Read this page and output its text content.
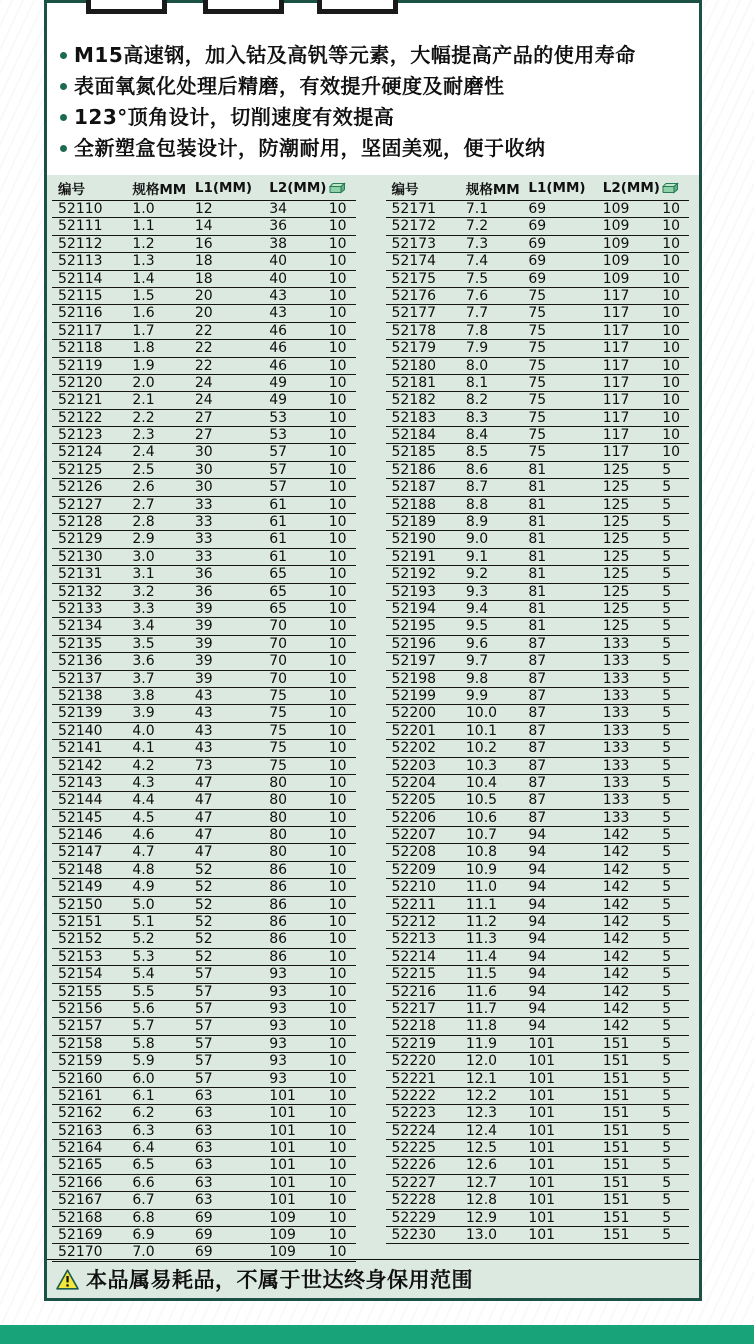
M15高速钢，加入钴及高钒等元素，大幅提高产品的使用寿命
表面氧氮化处理后精磨，有效提升硬度及耐磨性
123°顶角设计，切削速度有效提高
全新塑盒包装设计，防潮耐用，坚固美观，便于收纳
编号	规格MM L1(MM)	L2(MM)
52110	1.0	12	34	10
52111	1.1	14	36	10
52112	1.2	16	38	10
52113	1.3	18	40	10
52114	1.4	18	40	10
52115	1.5	20	43	10
52116	1.6	20	43	10
52117	1.7	22	46	10
52118	1.8	22	46	10
52119	1.9	22	46	10
52120	2.0	24	49	10
52121	2.1	24	49	10
52122	2.2	27	53	10
52123	2.3	27	53	10
52124	2.4	30	57	10
52125	2.5	30	57	10
52126	2.6	30	57	10
52127	2.7	33	61	10
52128	2.8	33	61	10
52129	2.9	33	61	10
52130	3.0	33	61	10
52131	3.1	36	65	10
52132	3.2	36	65	10
52133	3.3	39	65	10
52134	3.4	39	70	10
52135	3.5	39	70	10
52136	3.6	39	70	10
52137	3.7	39	70	10
52138	3.8	43	75	10
52139	3.9	43	75	10
52140	4.0	43	75	10
52141	4.1	43	75	10
52142	4.2	73	75	10
52143	4.3	47	80	10
52144	4.4	47	80	10
52145	4.5	47	80	10
52146	4.6	47	80	10
52147	4.7	47	80	10
52148	4.8	52	86	10
52149	4.9	52	86	10
52150	5.0	52	86	10
52151	5.1	52	86	10
52152	5.2	52	86	10
52153	5.3	52	86	10
52154	5.4	57	93	10
52155	5.5	57	93	10
52156	5.6	57	93	10
52157	5.7	57	93	10
52158	5.8	57	93	10
52159	5.9	57	93	10
52160	6.0	57	93	10
52161	6.1	63	101	10
52162	6.2	63	101	10
52163	6.3	63	101	10
52164	6.4	63	101	10
52165	6.5	63	101	10
52166	6.6	63	101	10
52167	6.7	63	101	10
52168	6.8	69	109	10
52169	6.9	69	109	10
52170	7.0	69	109	10
编号	规格MM L1(MM)	L2(MM)
52171	7.1	69	109	10
52172	7.2	69	109	10
52173	7.3	69	109	10
52174	7.4	69	109	10
52175	7.5	69	109	10
52176	7.6	75	117	10
52177	7.7	75	117	10
52178	7.8	75	117	10
52179	7.9	75	117	10
52180	8.0	75	117	10
52181	8.1	75	117	10
52182	8.2	75	117	10
52183	8.3	75	117	10
52184	8.4	75	117	10
52185	8.5	75	117	10
52186	8.6	81	125	5
52187	8.7	81	125	5
52188	8.8	81	125	5
52189	8.9	81	125	5
52190	9.0	81	125	5
52191	9.1	81	125	5
52192	9.2	81	125	5
52193	9.3	81	125	5
52194	9.4	81	125	5
52195	9.5	81	125	5
52196	9.6	87	133	5
52197	9.7	87	133	5
52198	9.8	87	133	5
52199	9.9	87	133	5
52200	10.0	87	133	5
52201	10.1	87	133	5
52202	10.2	87	133	5
52203	10.3	87	133	5
52204	10.4	87	133	5
52205	10.5	87	133	5
52206	10.6	87	133	5
52207	10.7	94	142	5
52208	10.8	94	142	5
52209	10.9	94	142	5
52210	11.0	94	142	5
52211	11.1	94	142	5
52212	11.2	94	142	5
52213	11.3	94	142	5
52214	11.4	94	142	5
52215	11.5	94	142	5
52216	11.6	94	142	5
52217	11.7	94	142	5
52218	11.8	94	142	5
52219	11.9	101	151	5
52220	12.0	101	151	5
52221	12.1	101	151	5
52222	12.2	101	151	5
52223	12.3	101	151	5
52224	12.4	101	151	5
52225	12.5	101	151	5
52226	12.6	101	151	5
52227	12.7	101	151	5
52228	12.8	101	151	5
52229	12.9	101	151	5
52230	13.0	101	151	5
本品属易耗品，不属于世达终身保用范围
